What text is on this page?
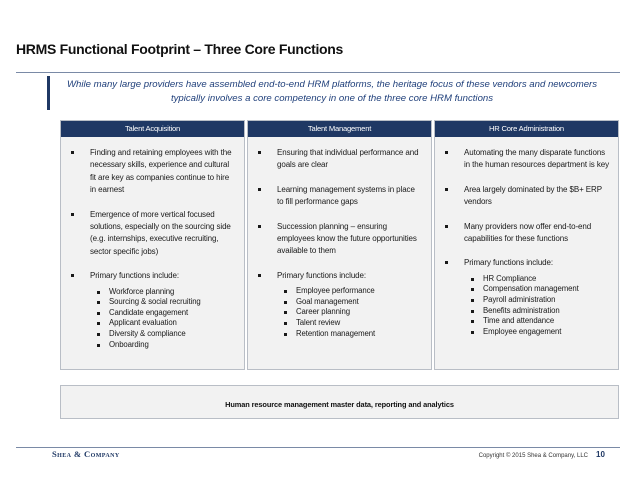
HRMS Functional Footprint – Three Core Functions
While many large providers have assembled end-to-end HRM platforms, the heritage focus of these vendors and newcomers typically involves a core competency in one of the three core HRM functions
Talent Acquisition
Finding and retaining employees with the necessary skills, experience and cultural fit are key as companies continue to hire in earnest
Emergence of more vertical focused solutions, especially on the sourcing side (e.g. internships, executive recruiting, sector specific jobs)
Primary functions include:
Workforce planning
Sourcing & social recruiting
Candidate engagement
Applicant evaluation
Diversity & compliance
Onboarding
Talent Management
Ensuring that individual performance and goals are clear
Learning management systems in place to fill performance gaps
Succession planning – ensuring employees know the future opportunities available to them
Primary functions include:
Employee performance
Goal management
Career planning
Talent review
Retention management
HR Core Administration
Automating the many disparate functions in the human resources department is key
Area largely dominated by the $B+ ERP vendors
Many providers now offer end-to-end capabilities for these functions
Primary functions include:
HR Compliance
Compensation management
Payroll administration
Benefits administration
Time and attendance
Employee engagement
Human resource management master data, reporting and analytics
Shea & Company	Copyright © 2015 Shea & Company, LLC 10
